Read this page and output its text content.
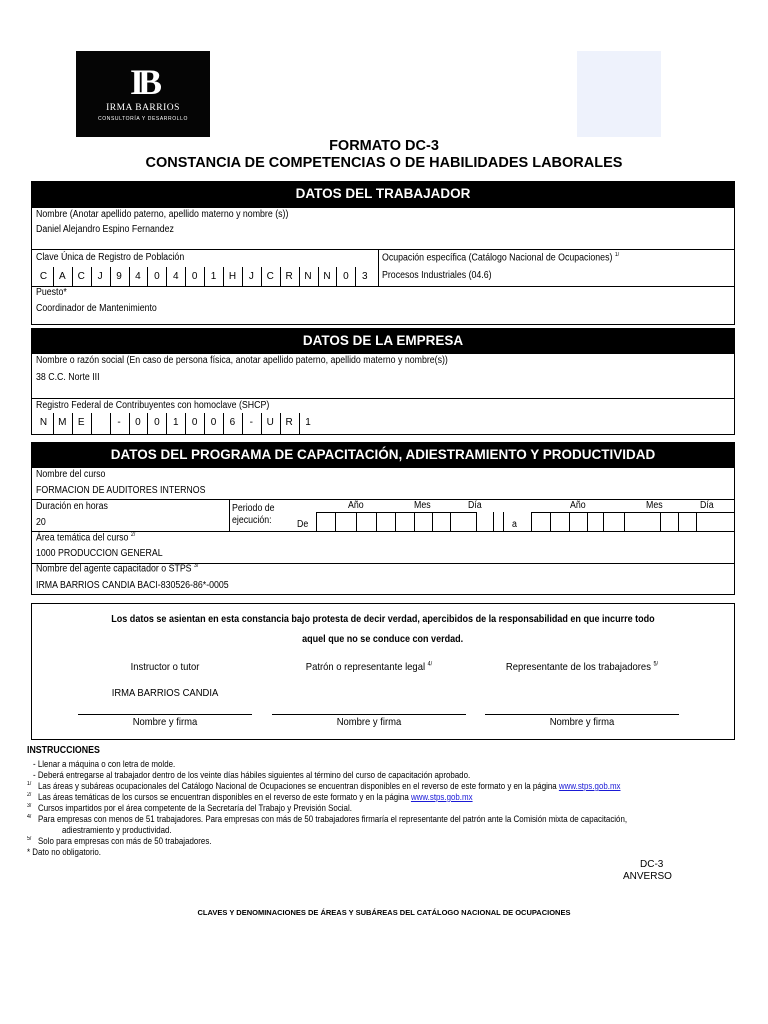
IB
IRMA BARRIOS
CONSULTORÍA Y DESARROLLO
FORMATO DC-3
CONSTANCIA DE COMPETENCIAS O DE HABILIDADES LABORALES
DATOS DEL TRABAJADOR
Nombre (Anotar apellido paterno, apellido materno y nombre (s))
Daniel Alejandro Espino Fernandez
Clave Única de Registro de Población
C	A	C	J	9	4	0	4	0	1	H	J	C	R	N	N	0	3
Ocupación específica (Catálogo Nacional de Ocupaciones) $^{1/}$
Procesos Industriales (04.6)
Puesto*
Coordinador de Mantenimiento
DATOS DE LA EMPRESA
Nombre o razón social (En caso de persona física, anotar apellido paterno, apellido materno y nombre(s))
38 C.C. Norte III
Registro Federal de Contribuyentes con homoclave (SHCP)
N	M	E	-	0	0	1	0	0	6	-	U	R	1
DATOS DEL PROGRAMA DE CAPACITACIÓN, ADIESTRAMIENTO Y PRODUCTIVIDAD
Nombre del curso
FORMACION DE AUDITORES INTERNOS
Duración en horas
20
Periodo de
ejecución:	De	a
Año	Mes	Día	Año	Mes	Día
Área temática del curso $^{2/}$
1000 PRODUCCION GENERAL
Nombre del agente capacitador o STPS $^{3/}$
IRMA BARRIOS CANDIA BACI-830526-86*-0005
Los datos se asientan en esta constancia bajo protesta de decir verdad, apercibidos de la responsabilidad en que incurre todo
aquel que no se conduce con verdad.
Instructor o tutor	Patrón o representante legal $^{4/}$	Representante de los trabajadores $^{5/}$
IRMA BARRIOS CANDIA
Nombre y firma	Nombre y firma	Nombre y firma
INSTRUCCIONES
- Llenar a máquina o con letra de molde.
- Deberá entregarse al trabajador dentro de los veinte días hábiles siguientes al término del curso de capacitación aprobado.
$^{1/}$ Las áreas y subáreas ocupacionales del Catálogo Nacional de Ocupaciones se encuentran disponibles en el reverso de este formato y en la página www.stps.gob.mx
$^{2/}$ Las áreas temáticas de los cursos se encuentran disponibles en el reverso de este formato y en la página www.stps.gob.mx
$^{3/}$ Cursos impartidos por el área competente de la Secretaría del Trabajo y Previsión Social.
$^{4/}$ Para empresas con menos de 51 trabajadores. Para empresas con más de 50 trabajadores firmaría el representante del patrón ante la Comisión mixta de capacitación,
adiestramiento y productividad.
$^{5/}$ Solo para empresas con más de 50 trabajadores.
* Dato no obligatorio.
DC-3
ANVERSO
CLAVES Y DENOMINACIONES DE ÁREAS Y SUBÁREAS DEL CATÁLOGO NACIONAL DE OCUPACIONES
